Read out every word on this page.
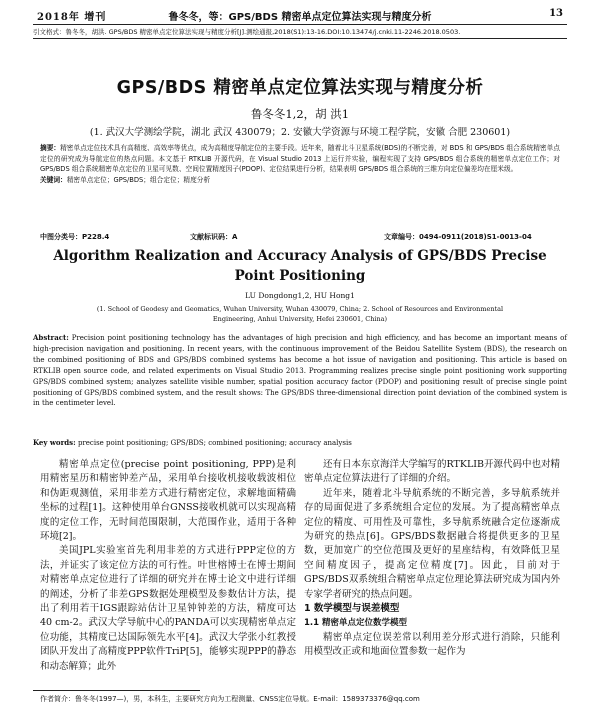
2018年 增刊	鲁冬冬，等：GPS/BDS 精密单点定位算法实现与精度分析	13
引文格式：鲁冬冬，胡洪. GPS/BDS 精密单点定位算法实现与精度分析[J].测绘通报,2018(S1):13-16.DOI:10.13474/j.cnki.11-2246.2018.0503.
GPS/BDS 精密单点定位算法实现与精度分析
鲁冬冬1,2，胡 洪1
(1. 武汉大学测绘学院，湖北 武汉 430079；2. 安徽大学资源与环境工程学院，安徽 合肥 230601)
摘要：精密单点定位技术具有高精度、高效率等优点，成为高精度导航定位的主要手段。近年来，随着北斗卫星系统(BDS)的不断完善，对 BDS 和 GPS/BDS 组合系统精密单点定位的研究成为导航定位的热点问题。本文基于 RTKLIB 开源代码，在 Visual Studio 2013 上运行并实验，编程实现了支持 GPS/BDS 组合系统的精密单点定位工作；对 GPS/BDS 组合系统精密单点定位的卫星可见数、空间位置精度因子(PDOP)、定位结果进行分析，结果表明 GPS/BDS 组合系统的三维方向定位偏差均在厘米级。
关键词：精密单点定位；GPS/BDS；组合定位；精度分析
中图分类号：P228.4	文献标识码：A	文章编号：0494-0911(2018)S1-0013-04
Algorithm Realization and Accuracy Analysis of GPS/BDS Precise Point Positioning
LU Dongdong1,2, HU Hong1
(1. School of Geodesy and Geomatics, Wuhan University, Wuhan 430079, China; 2. School of Resources and Environmental Engineering, Anhui University, Hefei 230601, China)
Abstract: Precision point positioning technology has the advantages of high precision and high efficiency, and has become an important means of high-precision navigation and positioning. In recent years, with the continuous improvement of the Beidou Satellite System (BDS), the research on the combined positioning of BDS and GPS/BDS combined systems has become a hot issue of navigation and positioning. This article is based on RTKLIB open source code, and related experiments on Visual Studio 2013. Programming realizes precise single point positioning work supporting GPS/BDS combined system; analyzes satellite visible number, spatial position accuracy factor (PDOP) and positioning result of precise single point positioning of GPS/BDS combined system, and the result shows: The GPS/BDS three-dimensional direction point deviation of the combined system is in the centimeter level.
Key words: precise point positioning; GPS/BDS; combined positioning; accuracy analysis

精密单点定位(precise point positioning, PPP)是利用精密星历和精密钟差产品，采用单台接收机接收载波相位和伪距观测值，采用非差方式进行精密定位，求解地面精确坐标的过程[1]。这种使用单台GNSS接收机就可以实现高精度的定位工作，无时间范围限制，大范围作业，适用于各种环境[2]。

美国JPL实验室首先利用非差的方式进行PPP定位的方法，并证实了该定位方法的可行性。叶世榕博士在博士期间对精密单点定位进行了详细的研究并在博士论文中进行详细的阐述，分析了非差GPS数据处理模型及参数估计方法，提出了利用若干IGS跟踪站估计卫星钟钟差的方法，精度可达40 cm-2。武汉大学导航中心的PANDA可以实现精密单点定位功能，其精度已达国际领先水平[4]。武汉大学张小红教授团队开发出了高精度PPP软件TriP[5]，能够实现PPP的静态和动态解算；此外

还有日本东京海洋大学编写的RTKLIB开源代码中也对精密单点定位算法进行了详细的介绍。

近年来，随着北斗导航系统的不断完善，多导航系统并存的局面促进了多系统组合定位的发展。为了提高精密单点定位的精度、可用性及可靠性，多导航系统融合定位逐渐成为研究的热点[6]。GPS/BDS数据融合将提供更多的卫星数，更加宽广的空位范围及更好的星座结构，有效降低卫星空间精度因子，提高定位精度[7]。因此，目前对于GPS/BDS双系统组合精密单点定位理论算法研究成为国内外专家学者研究的热点问题。

1 数学模型与误差模型

1.1 精密单点定位数学模型

精密单点定位误差常以利用差分形式进行消除，只能利用模型改正或和地面位置参数一起作为

作者简介：鲁冬冬(1997—)，男，本科生，主要研究方向为工程测量、CNSS定位导航。E-mail：1589373376@qq.com
